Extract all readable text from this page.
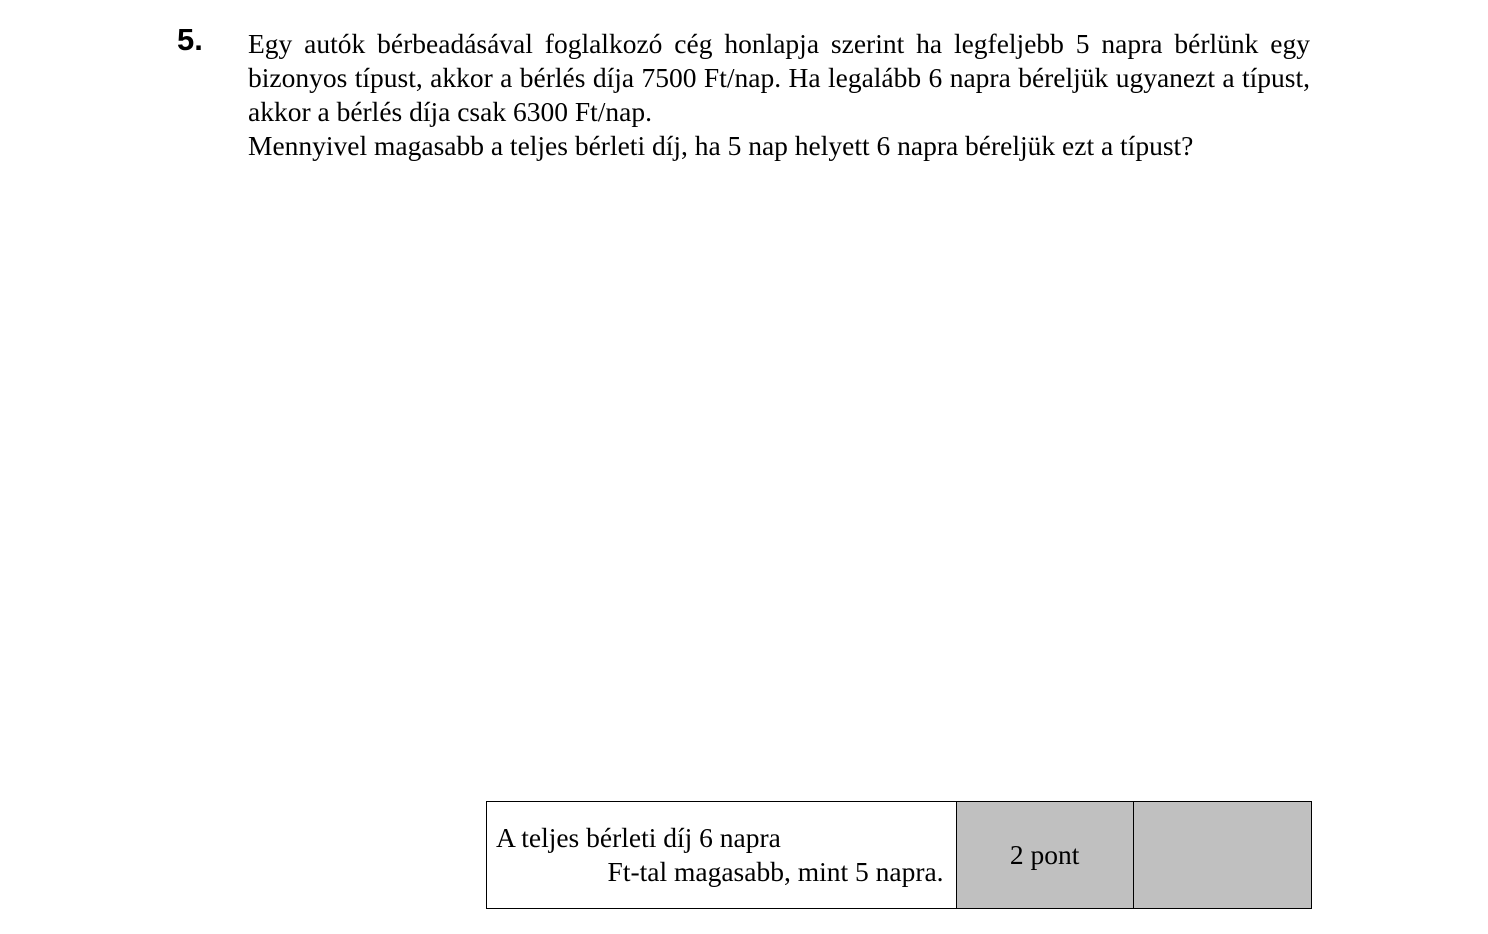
5. Egy autók bérbeadásával foglalkozó cég honlapja szerint ha legfeljebb 5 napra bérlünk egy bizonyos típust, akkor a bérlés díja 7500 Ft/nap. Ha legalább 6 napra béreljük ugyanezt a típust, akkor a bérlés díja csak 6300 Ft/nap.

Mennyivel magasabb a teljes bérleti díj, ha 5 nap helyett 6 napra béreljük ezt a típust?

A teljes bérleti díj 6 napra
Ft-tal magasabb, mint 5 napra.
	2 pont	
